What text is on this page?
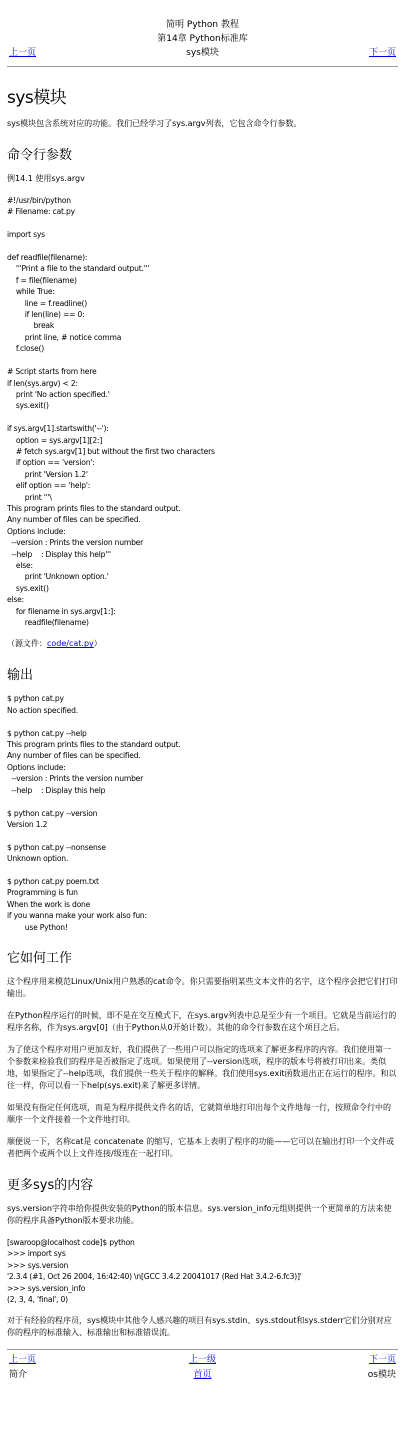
简明 Python 教程
第14章 Python标准库
上一页	sys模块	下一页
sys模块

sys模块包含系统对应的功能。我们已经学习了sys.argv列表，它包含命令行参数。

命令行参数

例14.1 使用sys.argv

#!/usr/bin/python
# Filename: cat.py

import sys

def readfile(filename):
'''Print a file to the standard output.'''
f = file(filename)
while True:
line = f.readline()
if len(line) == 0:
break
print line, # notice comma
f.close()

# Script starts from here
if len(sys.argv) < 2:
print 'No action specified.'
sys.exit()

if sys.argv[1].startswith('--'):
option = sys.argv[1][2:]
# fetch sys.argv[1] but without the first two characters
if option == 'version':
print 'Version 1.2'
elif option == 'help':
print '''\
This program prints files to the standard output.
Any number of files can be specified.
Options include:
--version : Prints the version number
--help    : Display this help'''
else:
print 'Unknown option.'
sys.exit()
else:
for filename in sys.argv[1:]:
readfile(filename)

（源文件：code/cat.py）

输出
$ python cat.py
No action specified.

$ python cat.py --help
This program prints files to the standard output.
Any number of files can be specified.
Options include:
--version : Prints the version number
--help    : Display this help

$ python cat.py --version
Version 1.2

$ python cat.py --nonsense
Unknown option.

$ python cat.py poem.txt
Programming is fun
When the work is done
if you wanna make your work also fun:
use Python!
它如何工作

这个程序用来模范Linux/Unix用户熟悉的cat命令。你只需要指明某些文本文件的名字，这个程序会把它们打印输出。

在Python程序运行的时候，即不是在交互模式下，在sys.argv列表中总是至少有一个项目。它就是当前运行的程序名称，作为sys.argv[0]（由于Python从0开始计数）。其他的命令行参数在这个项目之后。

为了使这个程序对用户更加友好，我们提供了一些用户可以指定的选项来了解更多程序的内容。我们使用第一个参数来检验我们的程序是否被指定了选项。如果使用了--version选项，程序的版本号将被打印出来。类似地，如果指定了--help选项，我们提供一些关于程序的解释。我们使用sys.exit函数退出正在运行的程序。和以往一样，你可以看一下help(sys.exit)来了解更多详情。

如果没有指定任何选项，而是为程序提供文件名的话，它就简单地打印出每个文件地每一行，按照命令行中的顺序一个文件接着一个文件地打印。

顺便说一下，名称cat是 concatenate 的缩写，它基本上表明了程序的功能——它可以在输出打印一个文件或者把两个或两个以上文件连接/级连在一起打印。

更多sys的内容

sys.version字符串给你提供安装的Python的版本信息。sys.version_info元组则提供一个更简单的方法来使你的程序具备Python版本要求功能。

[swaroop@localhost code]$ python
>>> import sys
>>> sys.version
'2.3.4 (#1, Oct 26 2004, 16:42:40) \n[GCC 3.4.2 20041017 (Red Hat 3.4.2-6.fc3)]'
>>> sys.version_info
(2, 3, 4, 'final', 0)

对于有经验的程序员，sys模块中其他令人感兴趣的项目有sys.stdin、sys.stdout和sys.stderr它们分别对应你的程序的标准输入、标准输出和标准错误流。

上一页	上一级	下一页
简介	首页	os模块
